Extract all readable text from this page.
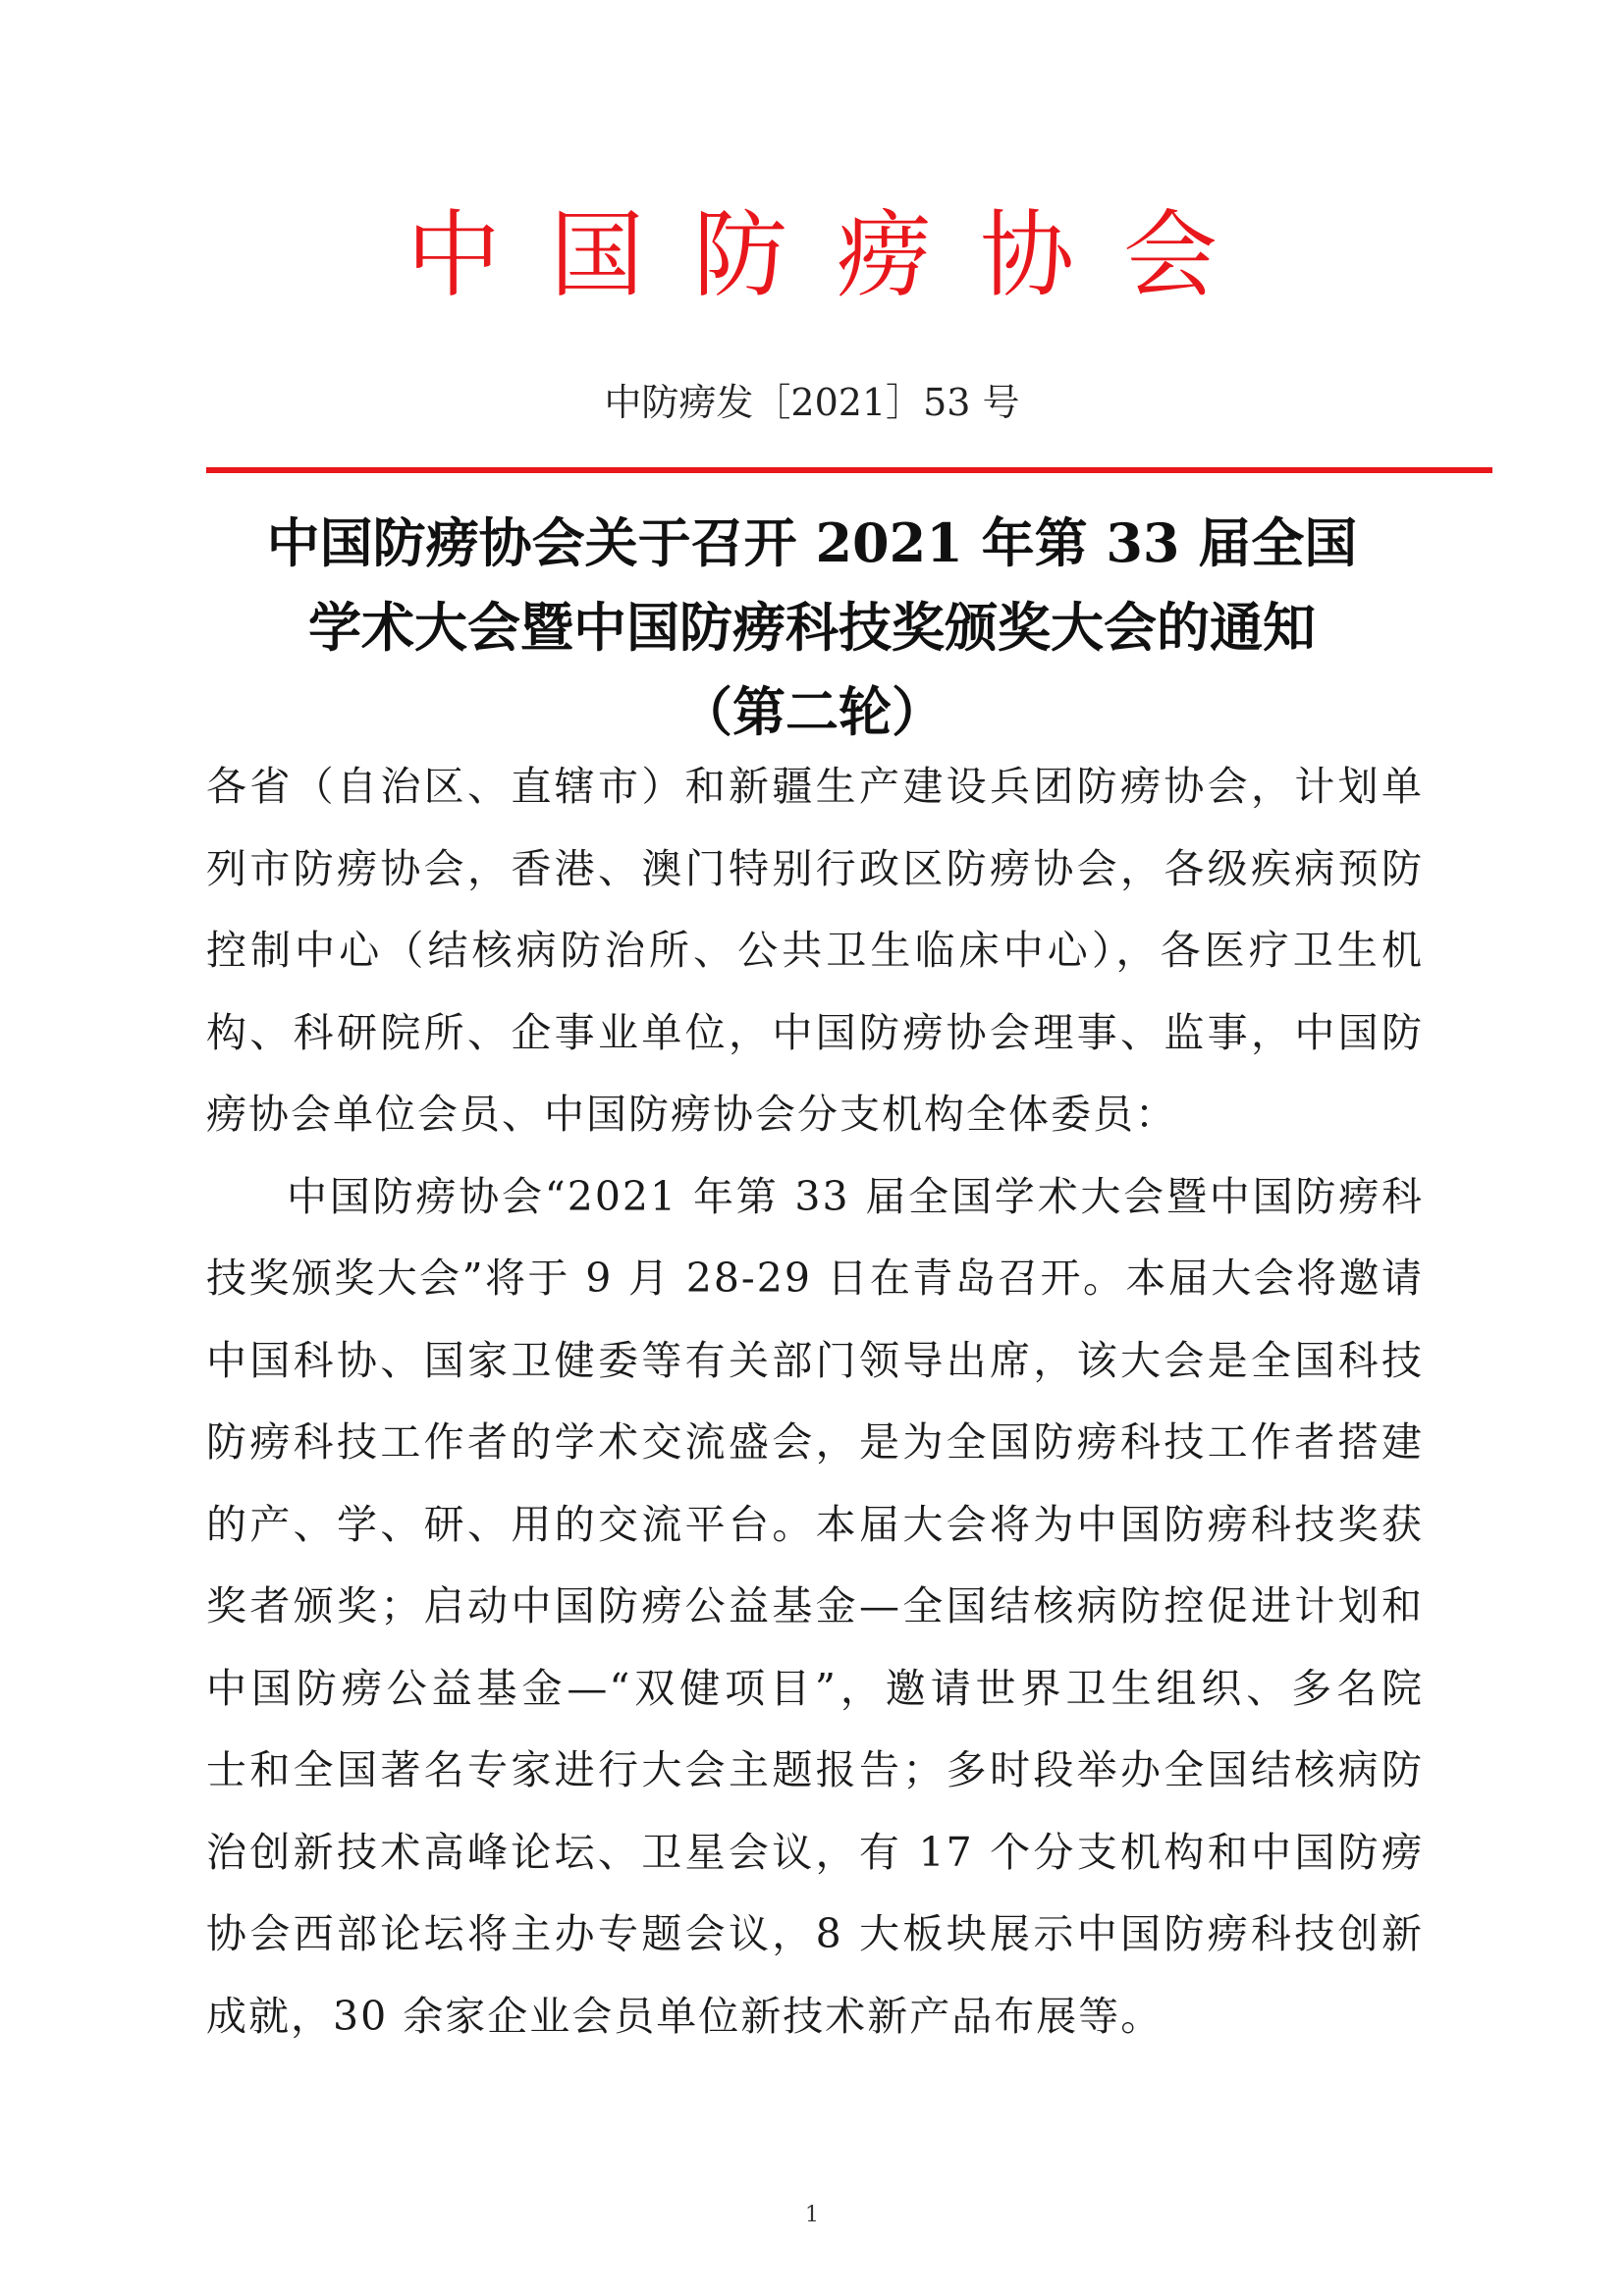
中国防痨协会
中防痨发［2021］53 号
中国防痨协会关于召开 2021 年第 33 届全国
学术大会暨中国防痨科技奖颁奖大会的通知
（第二轮）
各省（自治区、直辖市）和新疆生产建设兵团防痨协会，计划单
列市防痨协会，香港、澳门特别行政区防痨协会，各级疾病预防
控制中心（结核病防治所、公共卫生临床中心），各医疗卫生机
构、科研院所、企事业单位，中国防痨协会理事、监事，中国防
痨协会单位会员、中国防痨协会分支机构全体委员：
中国防痨协会“2021 年第 33 届全国学术大会暨中国防痨科
技奖颁奖大会”将于 9 月 28-29 日在青岛召开。本届大会将邀请
中国科协、国家卫健委等有关部门领导出席，该大会是全国科技
防痨科技工作者的学术交流盛会，是为全国防痨科技工作者搭建
的产、学、研、用的交流平台。本届大会将为中国防痨科技奖获
奖者颁奖；启动中国防痨公益基金—全国结核病防控促进计划和
中国防痨公益基金—“双健项目”，邀请世界卫生组织、多名院
士和全国著名专家进行大会主题报告；多时段举办全国结核病防
治创新技术高峰论坛、卫星会议，有 17 个分支机构和中国防痨
协会西部论坛将主办专题会议，8 大板块展示中国防痨科技创新
成就，30 余家企业会员单位新技术新产品布展等。
1
